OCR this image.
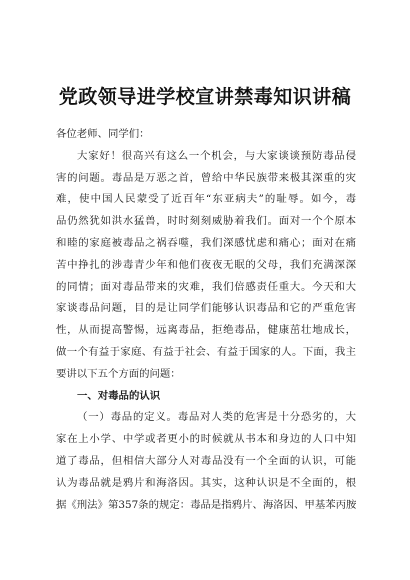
党政领导进学校宣讲禁毒知识讲稿
各位老师、同学们：
大家好！很高兴有这么一个机会，与大家谈谈预防毒品侵
害的问题。毒品是万恶之首，曾给中华民族带来极其深重的灾
难，使中国人民蒙受了近百年“东亚病夫”的耻辱。如今，毒
品仍然犹如洪水猛兽，时时刻刻威胁着我们。面对一个个原本
和睦的家庭被毒品之祸吞噬，我们深感忧虑和痛心；面对在痛
苦中挣扎的涉毒青少年和他们夜夜无眠的父母，我们充满深深
的同情；面对毒品带来的灾难，我们倍感责任重大。今天和大
家谈毒品问题，目的是让同学们能够认识毒品和它的严重危害
性，从而提高警惕，远离毒品，拒绝毒品，健康茁壮地成长，
做一个有益于家庭、有益于社会、有益于国家的人。下面，我主
要讲以下五个方面的问题：
一、对毒品的认识
（一）毒品的定义。毒品对人类的危害是十分恐劣的，大
家在上小学、中学或者更小的时候就从书本和身边的人口中知
道了毒品，但相信大部分人对毒品没有一个全面的认识，可能
认为毒品就是鸦片和海洛因。其实，这种认识是不全面的，根
据《刑法》第357条的规定：毒品是指鸦片、海洛因、甲基苯丙胺
